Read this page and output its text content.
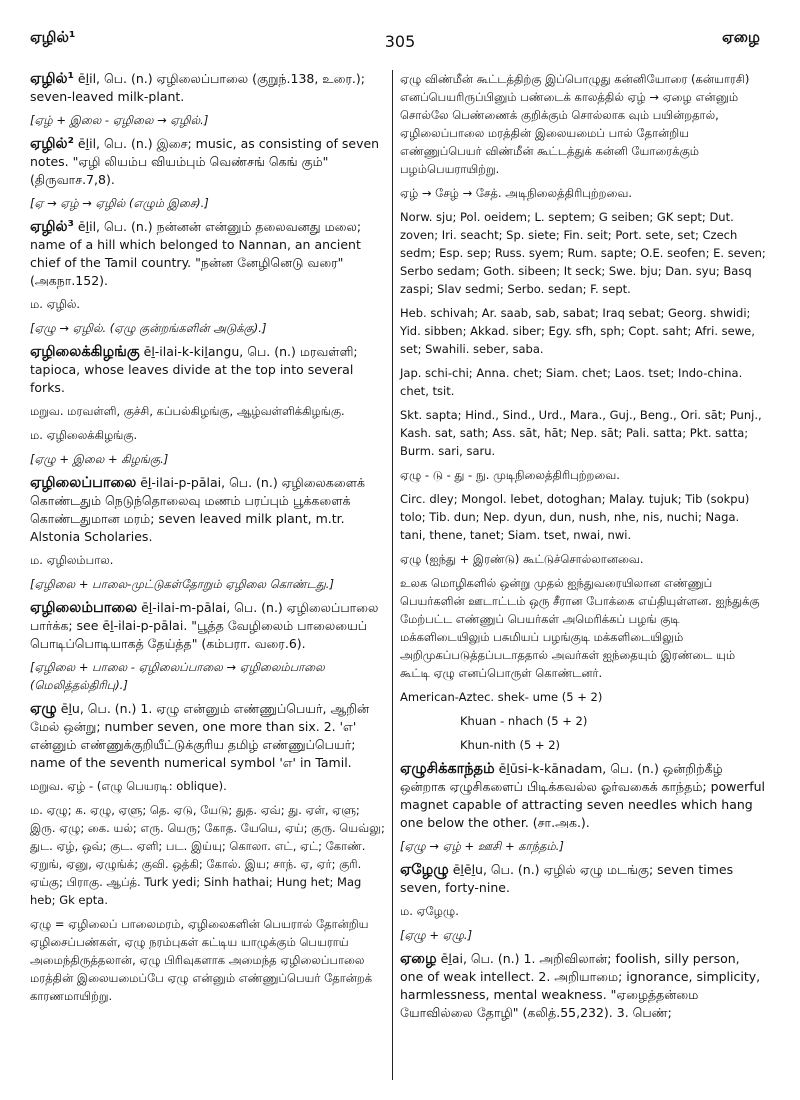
ஏழில்¹	305	ஏழை
ஏழில்¹ ēḻil, பெ. (n.) ஏழிலைப்பாலை (குறுந்.138, உரை.); seven-leaved milk-plant.
[ஏழ் + இலை - ஏழிலை → ஏழில்.]
ஏழில்² ēḻil, பெ. (n.) இசை; music, as consisting of seven notes. "ஏழி லியம்ப வியம்பும் வெண்சங் கெங் கும்" (திருவாச.7,8).
[ஏ → ஏழ் → ஏழில் (எழும் இசை).]
ஏழில்³ ēḻil, பெ. (n.) நன்னன் என்னும் தலைவனது மலை; name of a hill which belonged to Nannan, an ancient chief of the Tamil country. "நன்ன னேழினெடு வரை" (அகநா.152).
ம. ஏழில்.
[ஏழு → ஏழில். (ஏழு குன்றங்களின் அடுக்கு).]
ஏழிலைக்கிழங்கு ēḻ-ilai-k-kiḻangu, பெ. (n.) மரவள்ளி; tapioca, whose leaves divide at the top into several forks.
மறுவ. மரவள்ளி, குச்சி, கப்பல்கிழங்கு, ஆழ்வள்ளிக்கிழங்கு.
ம. ஏழிலைக்கிழங்கு.
[ஏழு + இலை + கிழங்கு.]
ஏழிலைப்பாலை ēḻ-ilai-p-pālai, பெ. (n.) ஏழிலைகளைக் கொண்டதும் நெடுந்தொலைவு மணம் பரப்பும் பூக்களைக் கொண்டதுமான மரம்; seven leaved milk plant, m.tr. Alstonia Scholaries.
ம. ஏழிலம்பால.
[ஏழிலை + பாலை-முட்டுகள்தோறும் ஏழிலை கொண்டது.]
ஏழிலைம்பாலை ēḻ-ilai-m-pālai, பெ. (n.) ஏழிலைப்பாலை பார்க்க; see ēḻ-ilai-p-pālai. "பூத்த வேழிலைம் பாலையைப் பொடிப்பொடியாகத் தேய்த்த" (கம்பரா. வரை.6).
[ஏழிலை + பாலை - ஏழிலைப்பாலை → ஏழிலைம்பாலை (மெலித்தல்திரிபு).]
ஏழு ēḻu, பெ. (n.) 1. ஏழு என்னும் எண்ணுப்பெயர், ஆறின் மேல் ஒன்று; number seven, one more than six. 2. 'எ' என்னும் எண்ணுக்குறியீட்டுக்குரிய தமிழ் எண்ணுப்பெயர்; name of the seventh numerical symbol 'எ' in Tamil.
மறுவ. ஏழ் - (எழு பெயரடி: oblique).
ம. ஏழு; க. ஏழு, ஏளு; தெ. ஏடு, யேடு; துத. ஏவ்; து. ஏள், ஏளு; இரு. ஏழு; கை. யல்; எரு. யெரு; கோத. யேயெ, ஏய்; குரு. யெவ்லு; துட. ஏழ், ஒவ்; குட. ஏளி; பட. இய்யு; கொலா. எட், ஏட்; கோண். ஏறுங், ஏனு, ஏழுங்க்; குவி. ஒத்கி; கோல். இய; சாந். ஏ, ஏர்; குரி. ஏய்கு; பிராகு. ஆப்த். Turk yedi; Sinh hathai; Hung het; Mag heb; Gk epta.
ஏழு = ஏழிலைப் பாலைமரம், ஏழிலைகளின் பெயரால் தோன்றிய ஏழிசைப்பண்கள், ஏழு நரம்புகள் கட்டிய யாழுக்கும் பெயராய் அமைந்திருத்தலான், ஏழு பிரிவுகளாக அமைந்த ஏழிலைப்பாலை மரத்தின் இலையமைப்பே ஏழு என்னும் எண்ணுப்பெயர் தோன்றக் காரணமாயிற்று.
ஏழு விண்மீன் கூட்டத்திற்கு இப்பொழுது கன்னியோரை (கன்யாரசி) எனப்பெயரிருப்பினும் பண்டைக் காலத்தில் ஏழ் → ஏழை என்னும் சொல்லே பெண்ணைக் குறிக்கும் சொல்லாக வும் பயின்றதால், ஏழிலைப்பாலை மரத்தின் இலையமைப் பால் தோன்றிய எண்ணுப்பெயர் விண்மீன் கூட்டத்துக் கன்னி யோரைக்கும் பழம்பெயராயிற்று.
ஏழ் → சேழ் → சேத். அடிநிலைத்திரிபுற்றவை.
Norw. sju; Pol. oeidem; L. septem; G seiben; GK sept; Dut. zoven; Iri. seacht; Sp. siete; Fin. seit; Port. sete, set; Czech sedm; Esp. sep; Russ. syem; Rum. sapte; O.E. seofen; E. seven; Serbo sedam; Goth. sibeen; It seck; Swe. bju; Dan. syu; Basq zaspi; Slav sedmi; Serbo. sedan; F. sept.
Heb. schivah; Ar. saab, sab, sabat; Iraq sebat; Georg. shwidi; Yid. sibben; Akkad. siber; Egy. sfh, sph; Copt. saht; Afri. sewe, set; Swahili. seber, saba.
Jap. schi-chi; Anna. chet; Siam. chet; Laos. tset; Indo-china. chet, tsit.
Skt. sapta; Hind., Sind., Urd., Mara., Guj., Beng., Ori. sāt; Punj., Kash. sat, sath; Ass. sāt, hāt; Nep. sāt; Pali. satta; Pkt. satta; Burm. sari, saru.
ஏழு - டு - து - நு. முடிநிலைத்திரிபுற்றவை.
Circ. dley; Mongol. lebet, dotoghan; Malay. tujuk; Tib (sokpu) tolo; Tib. dun; Nep. dyun, dun, nush, nhe, nis, nuchi; Naga. tani, thene, tanet; Siam. tset, nwai, nwi.
ஏழு (ஐந்து + இரண்டு) கூட்டுச்சொல்லானவை.
உலக மொழிகளில் ஒன்று முதல் ஐந்துவரையிலான எண்ணுப் பெயர்களின் ஊடாட்டம் ஒரு சீரான போக்கை எய்தியுள்ளன. ஐந்துக்கு மேற்பட்ட எண்ணுப் பெயர்கள் அமெரிக்கப் பழங் குடி மக்களிடையிலும் பசுமியப் பழங்குடி மக்களிடையிலும் அறிமுகப்படுத்தப்படாததால் அவர்கள் ஐந்தையும் இரண்டை யும் கூட்டி ஏழு எனப்பொருள் கொண்டனர்.
American-Aztec. shek- ume (5 + 2)
Khuan - nhach (5 + 2)
Khun-nith (5 + 2)
ஏழுசிக்காந்தம் ēḻūsi-k-kānadam, பெ. (n.) ஒன்றிற்கீழ் ஒன்றாக ஏழுசிகளைப் பிடிக்கவல்ல ஓர்வகைக் காந்தம்; powerful magnet capable of attracting seven needles which hang one below the other. (சா.அக.).
[ஏழு → ஏழ் + ஊசி + காந்தம்.]
ஏழேழு ēḻēḻu, பெ. (n.) ஏழில் ஏழு மடங்கு; seven times seven, forty-nine.
ம. ஏழேழு.
[ஏழு + ஏழு.]
ஏழை ēḻai, பெ. (n.) 1. அறிவிலான்; foolish, silly person, one of weak intellect. 2. அறியாமை; ignorance, simplicity, harmlessness, mental weakness. "ஏழைத்தன்மை யோவில்லை தோழி" (கலித்.55,232). 3. பெண்;
